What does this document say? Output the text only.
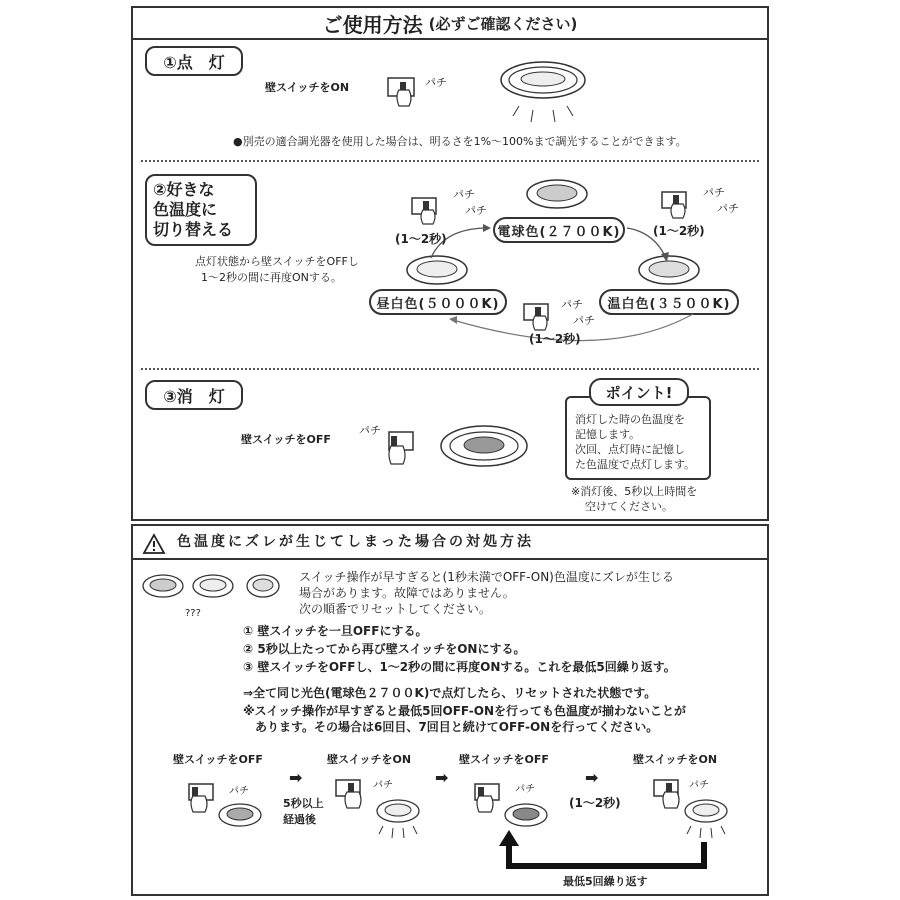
ご使用方法 (必ずご確認ください)
①点　灯
壁スイッチをON	パチ
●別売の適合調光器を使用した場合は、明るさを1%～100%まで調光することができます。
②好きな
色温度に
切り替える
点灯状態から壁スイッチをOFFし
1～2秒の間に再度ONする。
電球色(２７００K)
温白色(３５００K)
昼白色(５０００K)
パチ
パチ
(1～2秒)
パチ
パチ
(1～2秒)
パチ
パチ
(1～2秒)
③消　灯
壁スイッチをOFF
パチ
消灯した時の色温度を
記憶します。
次回、点灯時に記憶し
た色温度で点灯します。
ポイント!
※消灯後、5秒以上時間を
空けてください。
色温度にズレが生じてしまった場合の対処方法
???
スイッチ操作が早すぎると(1秒未満でOFF-ON)色温度にズレが生じる
場合があります。故障ではありません。
次の順番でリセットしてください。
① 壁スイッチを一旦OFFにする。
② 5秒以上たってから再び壁スイッチをONにする。
③ 壁スイッチをOFFし、1～2秒の間に再度ONする。これを最低5回繰り返す。
⇒全て同じ光色(電球色２７００K)で点灯したら、リセットされた状態です。
※スイッチ操作が早すぎると最低5回OFF-ONを行っても色温度が揃わないことが
　あります。その場合は6回目、7回目と続けてOFF-ONを行ってください。
壁スイッチをOFF	壁スイッチをON	壁スイッチをOFF	壁スイッチをON
➡	➡	➡
5秒以上
経過後
(1～2秒)
パチ
パチ	パチ	パチ
最低5回繰り返す
